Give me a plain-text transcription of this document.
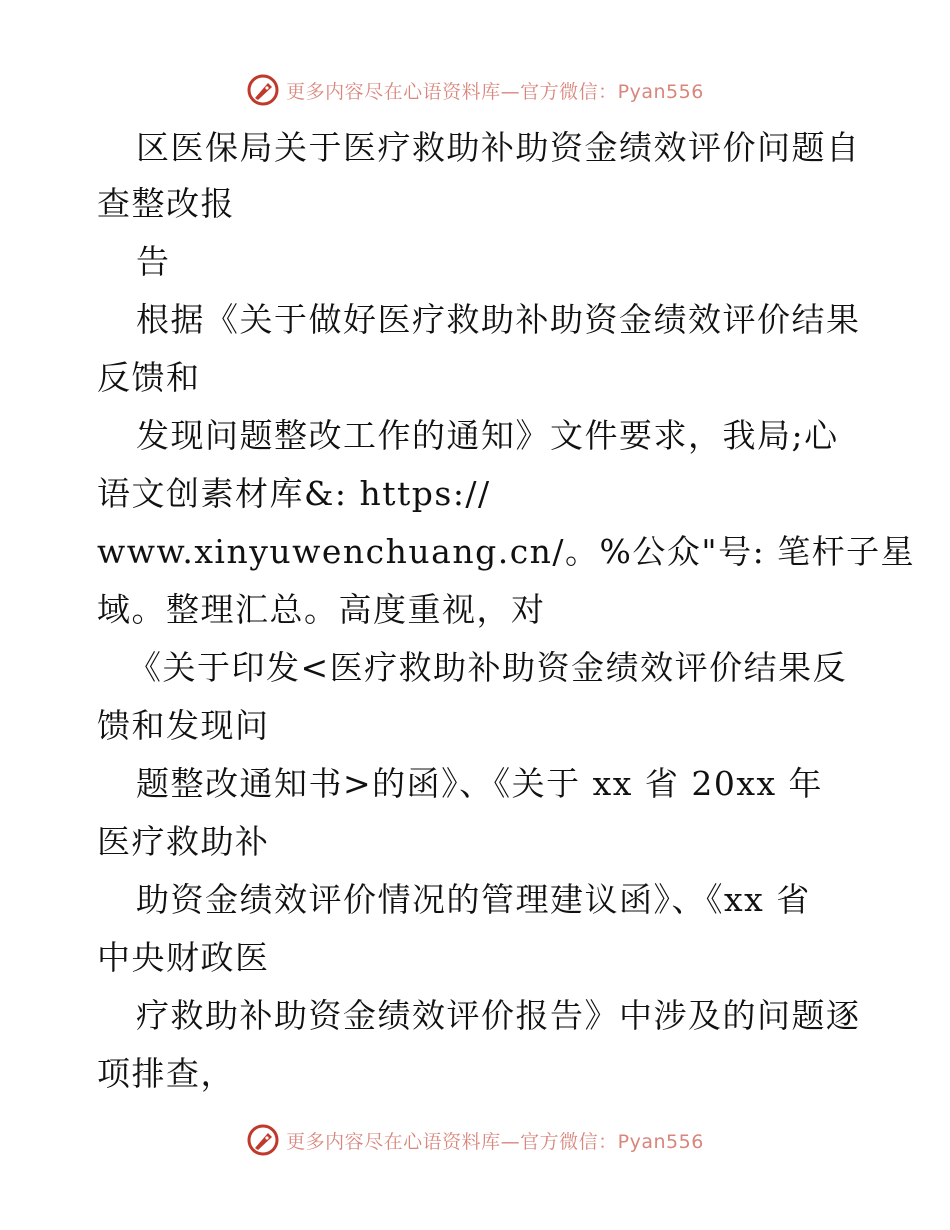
更多内容尽在心语资料库—官方微信：Pyan556
区医保局关于医疗救助补助资金绩效评价问题自
查整改报
告
根据《关于做好医疗救助补助资金绩效评价结果
反馈和
发现问题整改工作的通知》文件要求，我局;心
语文创素材库&: https://
www.xinyuwenchuang.cn/。%公众"号: 笔杆子星
域。整理汇总。高度重视，对
《关于印发<医疗救助补助资金绩效评价结果反
馈和发现问
题整改通知书>的函》、《关于 xx 省 20xx 年
医疗救助补
助资金绩效评价情况的管理建议函》、《xx 省
中央财政医
疗救助补助资金绩效评价报告》中涉及的问题逐
项排查，
更多内容尽在心语资料库—官方微信：Pyan556
